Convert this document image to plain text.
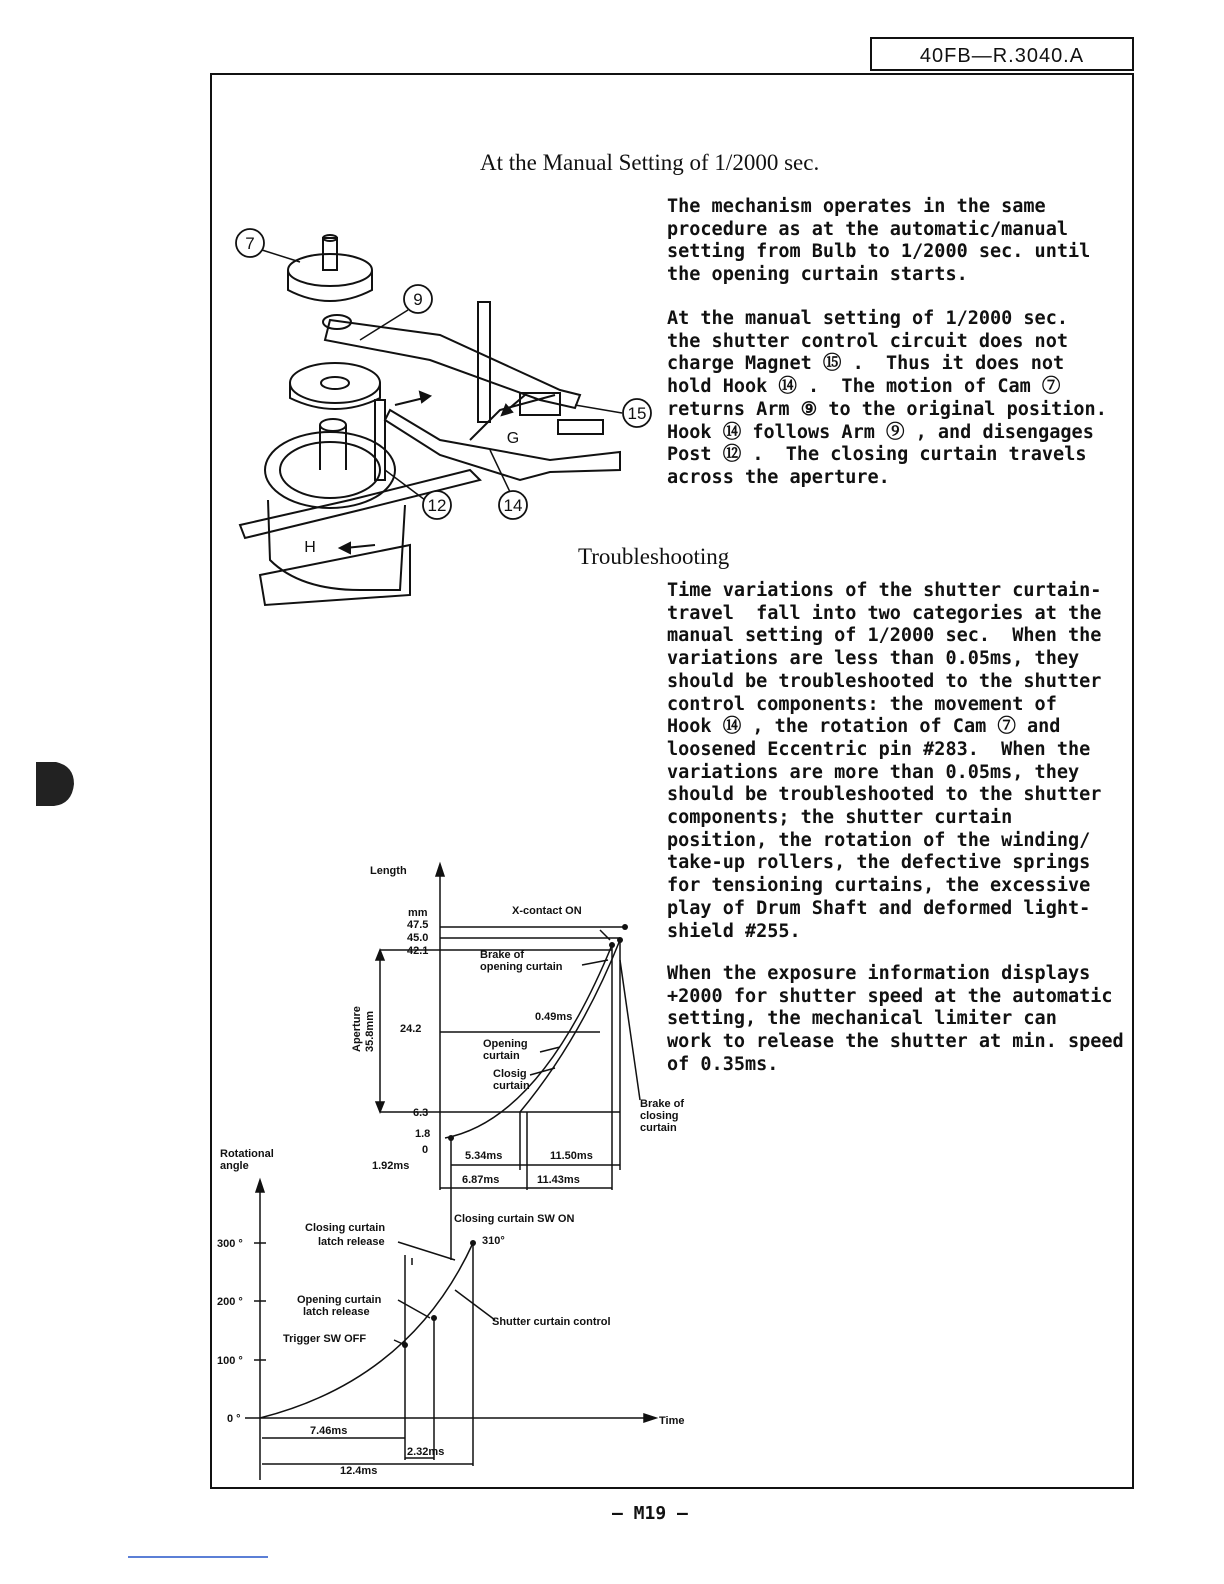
40FB—R.3040.A
At the Manual Setting of 1/2000 sec.
The mechanism operates in the same
procedure as at the automatic/manual
setting from Bulb to 1/2000 sec. until
the opening curtain starts.
At the manual setting of 1/2000 sec.
the shutter control circuit does not
charge Magnet ⑮ .  Thus it does not
hold Hook ⑭ .  The motion of Cam ⑦
returns Arm ⑨ to the original position.
Hook ⑭ follows Arm ⑨ , and disengages
Post ⑫ .  The closing curtain travels
across the aperture.
Troubleshooting
Time variations of the shutter curtain-
travel  fall into two categories at the
manual setting of 1/2000 sec.  When the
variations are less than 0.05ms, they
should be troubleshooted to the shutter
control components: the movement of
Hook ⑭ , the rotation of Cam ⑦ and
loosened Eccentric pin #283.  When the
variations are more than 0.05ms, they
should be troubleshooted to the shutter
components; the shutter curtain
position, the rotation of the winding/
take-up rollers, the defective springs
for tensioning curtains, the excessive
play of Drum Shaft and deformed light-
shield #255.
When the exposure information displays
+2000 for shutter speed at the automatic
setting, the mechanical limiter can
work to release the shutter at min. speed
of 0.35ms.
7
9
15
12	14
G
H
Length
mm
47.5
45.0
42.1
24.2
6.3
1.8
0
X-contact ON
Brake of
opening curtain
0.49ms
Opening
curtain
Closig
curtain
Brake of
closing
curtain
1.92ms
5.34ms	11.50ms
6.87ms	11.43ms
Rotational
angle
300 °
200 °
100 °
0 °
Closing curtain
latch release
Opening curtain
latch release
Trigger SW OFF
Closing curtain SW ON
310°
Shutter curtain control
Time
7.46ms
2.32ms
12.4ms
Aperture 35.8mm
— M19 —
